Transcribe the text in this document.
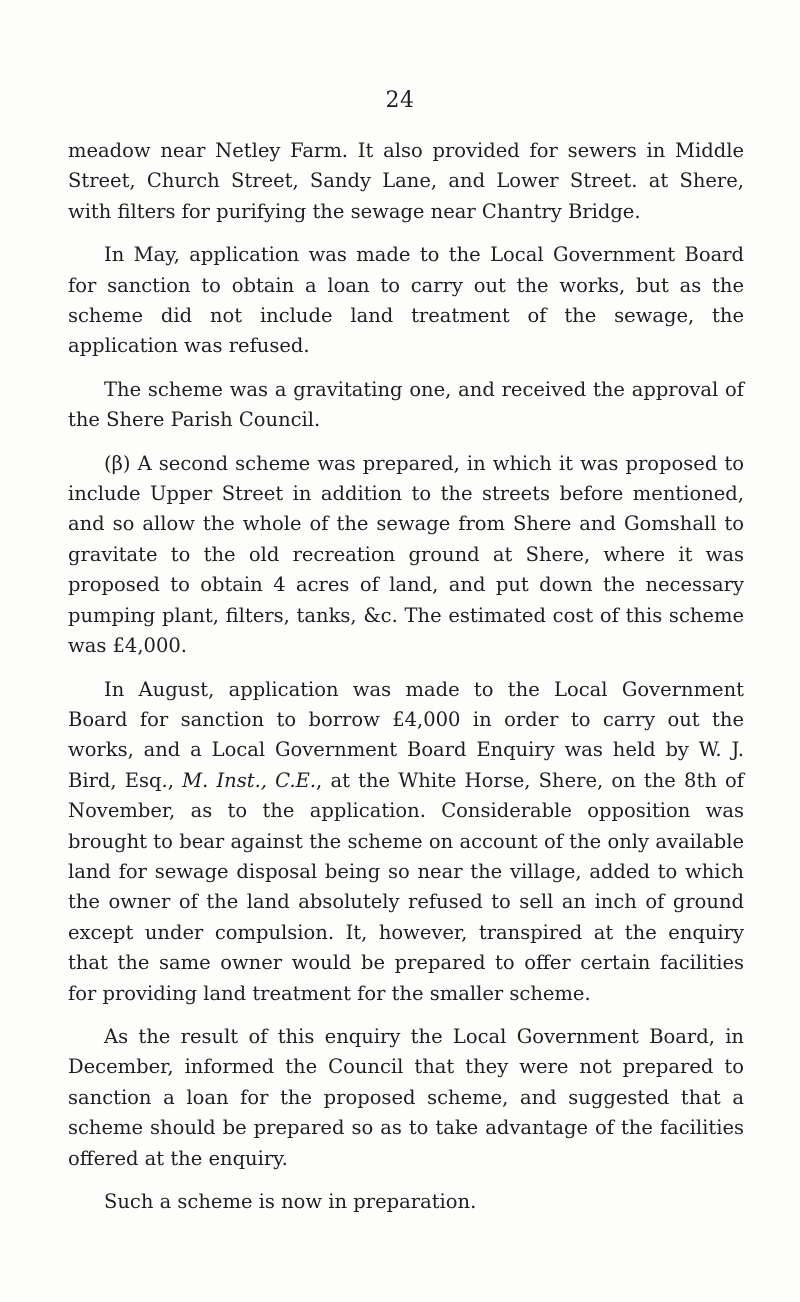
24

meadow near Netley Farm. It also provided for sewers in Middle Street, Church Street, Sandy Lane, and Lower Street. at Shere, with filters for purifying the sewage near Chantry Bridge.

In May, application was made to the Local Government Board for sanction to obtain a loan to carry out the works, but as the scheme did not include land treatment of the sewage, the application was refused.

The scheme was a gravitating one, and received the approval of the Shere Parish Council.

(β) A second scheme was prepared, in which it was proposed to include Upper Street in addition to the streets before mentioned, and so allow the whole of the sewage from Shere and Gomshall to gravitate to the old recreation ground at Shere, where it was proposed to obtain 4 acres of land, and put down the necessary pumping plant, filters, tanks, &c. The estimated cost of this scheme was £4,000.

In August, application was made to the Local Government Board for sanction to borrow £4,000 in order to carry out the works, and a Local Government Board Enquiry was held by W. J. Bird, Esq., M. Inst., C.E., at the White Horse, Shere, on the 8th of November, as to the application. Considerable opposition was brought to bear against the scheme on account of the only available land for sewage disposal being so near the village, added to which the owner of the land absolutely refused to sell an inch of ground except under compulsion. It, however, transpired at the enquiry that the same owner would be prepared to offer certain facilities for providing land treatment for the smaller scheme.

As the result of this enquiry the Local Government Board, in December, informed the Council that they were not prepared to sanction a loan for the proposed scheme, and suggested that a scheme should be prepared so as to take advantage of the facilities offered at the enquiry.

Such a scheme is now in preparation.
